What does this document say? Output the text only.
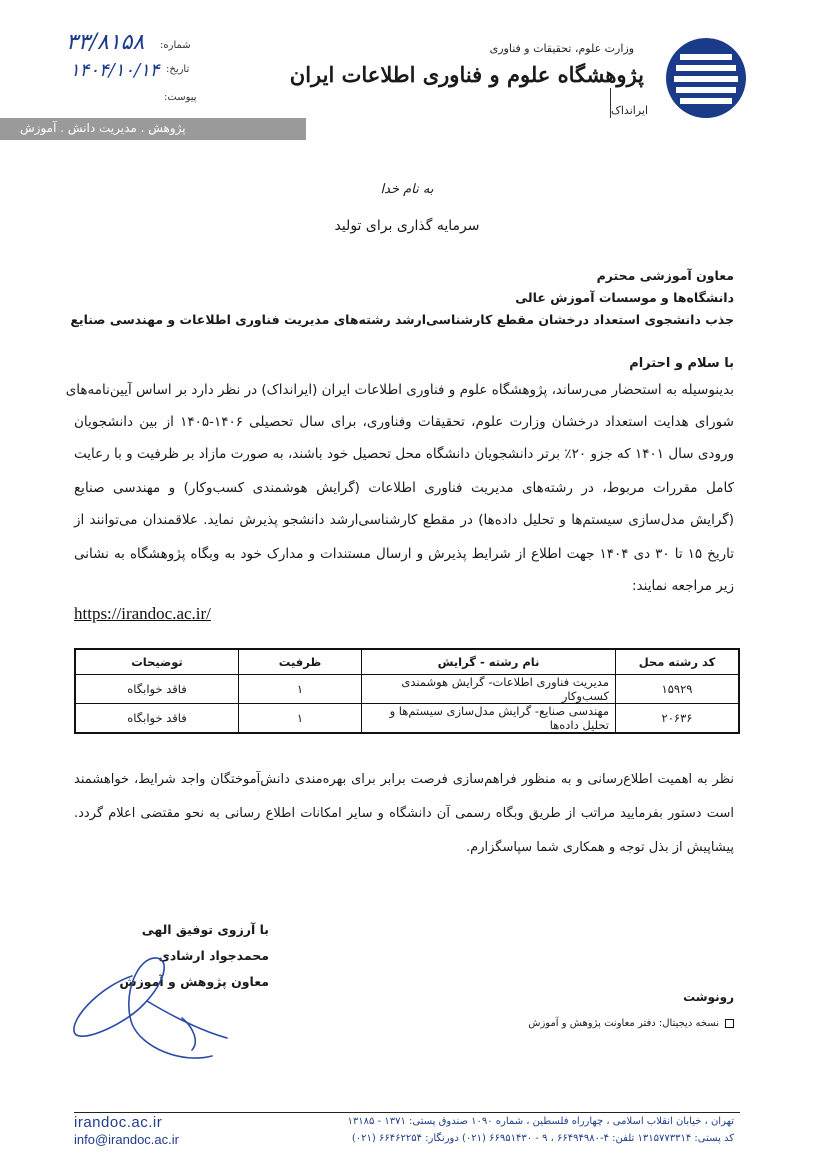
وزارت علوم، تحقیقات و فناوری
پژوهشگاه علوم و فناوری اطلاعات ایران
ایرانداک
شماره:
۳۳/۸۱۵۸
تاریخ:
۱۴۰۴/۱۰/۱۴
پیوست:
پژوهش . مدیریت دانش . آموزش
به نام خدا
سرمایه گذاری برای تولید
معاون آموزشی محترم
دانشگاه‌ها و موسسات آموزش عالی
جذب دانشجوی استعداد درخشان مقطع کارشناسی‌ارشد رشته‌های مدیریت فناوری اطلاعات و مهندسی صنایع
با سلام و احترام
بدینوسیله به استحضار می‌رساند، پژوهشگاه علوم و فناوری اطلاعات ایران (ایرانداک) در نظر دارد بر اساس آیین‌نامه‌های
شورای هدایت استعداد درخشان وزارت علوم، تحقیقات وفناوری، برای سال تحصیلی ۱۴۰۶-۱۴۰۵ از بین دانشجویان
ورودی سال ۱۴۰۱ که جزو ۲۰٪ برتر دانشجویان دانشگاه محل تحصیل خود باشند، به صورت مازاد بر ظرفیت و با رعایت
کامل مقررات مربوط، در رشته‌های مدیریت فناوری اطلاعات (گرایش هوشمندی کسب‌وکار) و مهندسی صنایع
(گرایش مدل‌سازی سیستم‌ها و تحلیل داده‌ها) در مقطع کارشناسی‌ارشد دانشجو پذیرش نماید. علاقمندان می‌توانند از
تاریخ ۱۵ تا ۳۰ دی ۱۴۰۴ جهت اطلاع از شرایط پذیرش و ارسال مستندات و مدارک خود به وبگاه پژوهشگاه به نشانی
زیر مراجعه نمایند:
https://irandoc.ac.ir/
کد رشته محل	نام رشته - گرایش	ظرفیت	توضیحات
۱۵۹۲۹	مدیریت فناوری اطلاعات- گرایش هوشمندی کسب‌وکار	۱	فاقد خوابگاه
۲۰۶۳۶	مهندسی صنایع- گرایش مدل‌سازی سیستم‌ها و تحلیل داده‌ها	۱	فاقد خوابگاه
نظر به اهمیت اطلاع‌رسانی و به منظور فراهم‌سازی فرصت برابر برای بهره‌مندی دانش‌آموختگان واجد شرایط، خواهشمند
است دستور بفرمایید مراتب از طریق وبگاه رسمی آن دانشگاه و سایر امکانات اطلاع رسانی به نحو مقتضی اعلام گردد.
پیشاپیش از بذل توجه و همکاری شما سپاسگزارم.
با آرزوی توفیق الهی
محمدجواد ارشادی
معاون پژوهش و آموزش
رونوشت
نسخه دیجیتال: دفتر معاونت پژوهش و آموزش
irandoc.ac.ir
info@irandoc.ac.ir
تهران ، خیابان انقلاب اسلامی ، چهارراه فلسطین ، شماره ۱۰۹۰ صندوق پستی: ۱۳۷۱ - ۱۳۱۸۵
کد پستی: ۱۳۱۵۷۷۳۳۱۴ تلفن: ۴-۶۶۴۹۴۹۸۰ ، ۹ - ۶۶۹۵۱۴۳۰ (۰۲۱) دورنگار: ۶۶۴۶۲۲۵۴ (۰۲۱)
